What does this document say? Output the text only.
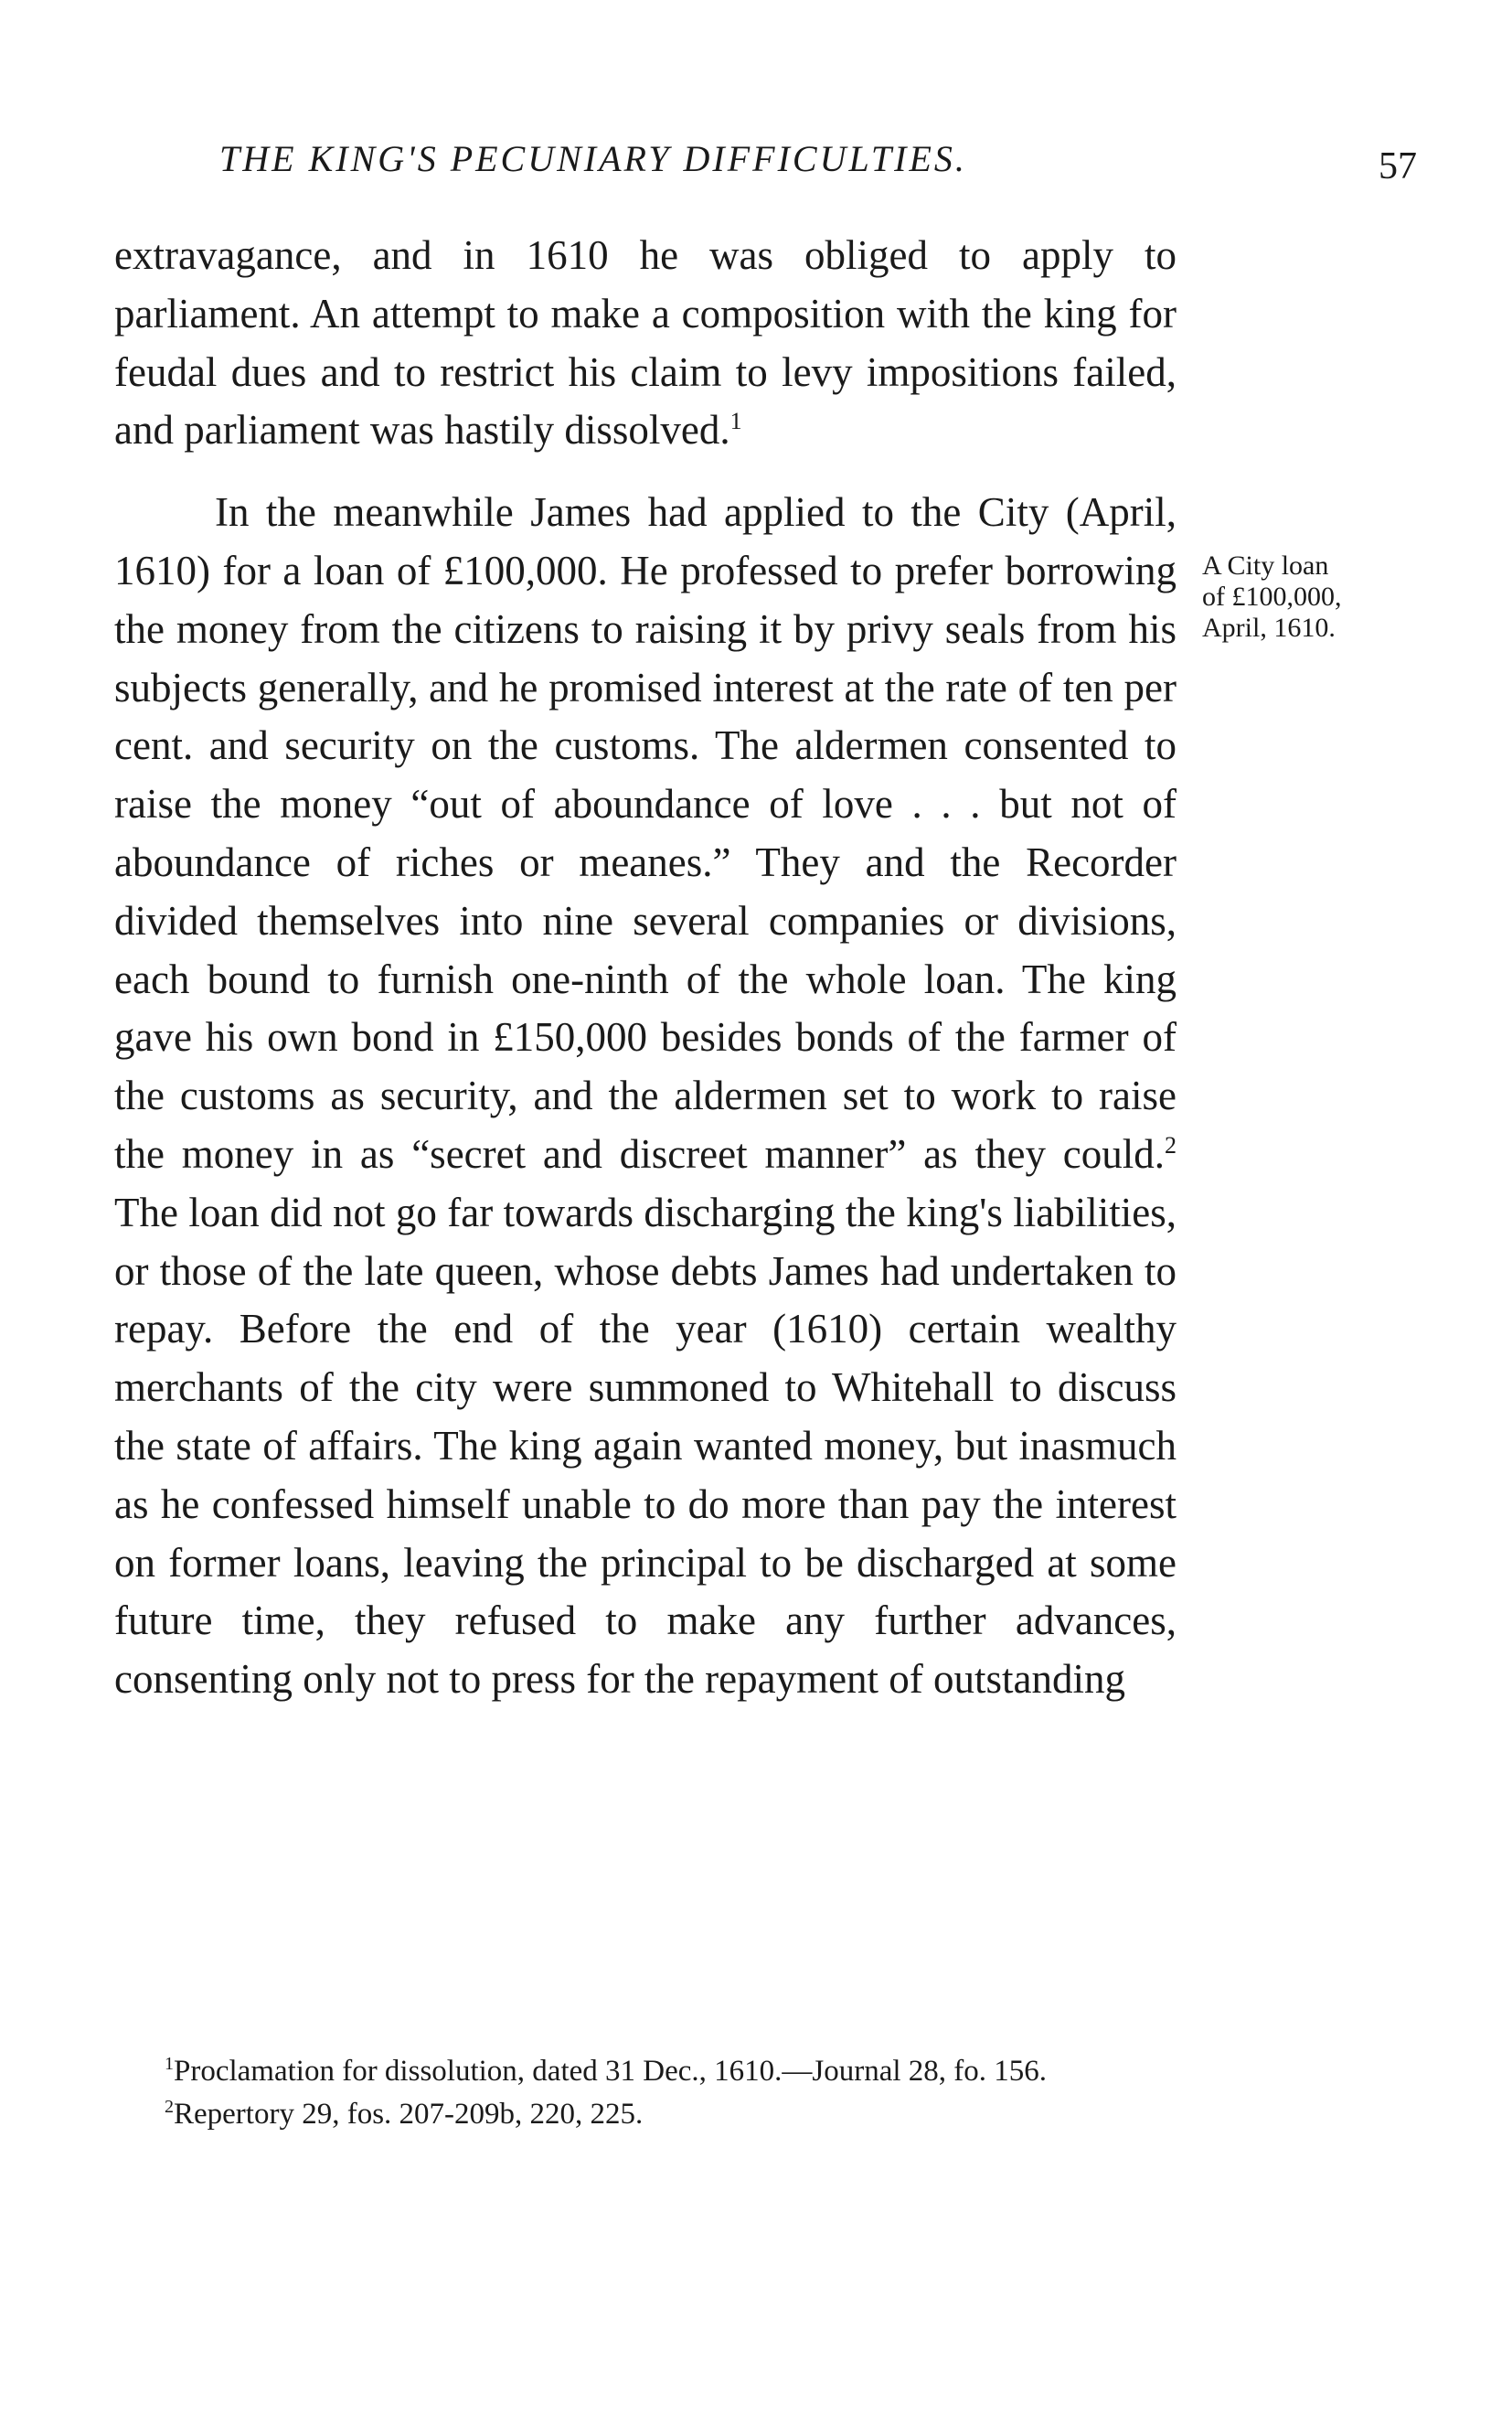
THE KING'S PECUNIARY DIFFICULTIES.	57

extravagance, and in 1610 he was obliged to apply to parliament. An attempt to make a composition with the king for feudal dues and to restrict his claim to levy impositions failed, and parliament was hastily dissolved.$^1$

In the meanwhile James had applied to the City (April, 1610) for a loan of £100,000. He professed to prefer borrowing the money from the citizens to raising it by privy seals from his subjects generally, and he promised interest at the rate of ten per cent. and security on the customs. The aldermen consented to raise the money “out of aboundance of love . . . but not of aboundance of riches or meanes.” They and the Recorder divided themselves into nine several companies or divisions, each bound to furnish one-ninth of the whole loan. The king gave his own bond in £150,000 besides bonds of the farmer of the customs as security, and the aldermen set to work to raise the money in as “secret and discreet manner” as they could.$^2$ The loan did not go far towards discharging the king's liabilities, or those of the late queen, whose debts James had undertaken to repay. Before the end of the year (1610) certain wealthy merchants of the city were summoned to Whitehall to discuss the state of affairs. The king again wanted money, but inasmuch as he confessed himself unable to do more than pay the interest on former loans, leaving the principal to be discharged at some future time, they refused to make any further advances, consenting only not to press for the repayment of outstanding

A City loan
of £100,000,
April, 1610.

$^1$Proclamation for dissolution, dated 31 Dec., 1610.—Journal 28, fo. 156.

$^2$Repertory 29, fos. 207-209b, 220, 225.
